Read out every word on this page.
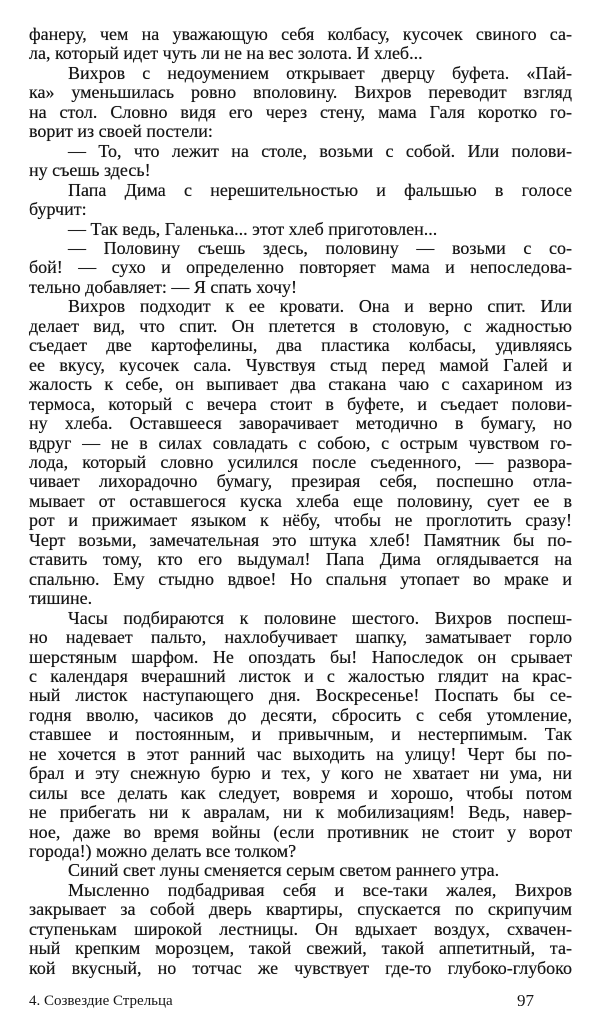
фанеру, чем на уважающую себя колбасу, кусочек свиного са-
ла, который идет чуть ли не на вес золота. И хлеб...
Вихров с недоумением открывает дверцу буфета. «Пай-
ка» уменьшилась ровно вполовину. Вихров переводит взгляд
на стол. Словно видя его через стену, мама Галя коротко го-
ворит из своей постели:
— То, что лежит на столе, возьми с собой. Или полови-
ну съешь здесь!
Папа Дима с нерешительностью и фальшью в голосе
бурчит:
— Так ведь, Галенька... этот хлеб приготовлен...
— Половину съешь здесь, половину — возьми с со-
бой! — сухо и определенно повторяет мама и непоследова-
тельно добавляет: — Я спать хочу!
Вихров подходит к ее кровати. Она и верно спит. Или
делает вид, что спит. Он плетется в столовую, с жадностью
съедает две картофелины, два пластика колбасы, удивляясь
ее вкусу, кусочек сала. Чувствуя стыд перед мамой Галей и
жалость к себе, он выпивает два стакана чаю с сахарином из
термоса, который с вечера стоит в буфете, и съедает полови-
ну хлеба. Оставшееся заворачивает методично в бумагу, но
вдруг — не в силах совладать с собою, с острым чувством го-
лода, который словно усилился после съеденного, — развора-
чивает лихорадочно бумагу, презирая себя, поспешно отла-
мывает от оставшегося куска хлеба еще половину, сует ее в
рот и прижимает языком к нёбу, чтобы не проглотить сразу!
Черт возьми, замечательная это штука хлеб! Памятник бы по-
ставить тому, кто его выдумал! Папа Дима оглядывается на
спальню. Ему стыдно вдвое! Но спальня утопает во мраке и
тишине.
Часы подбираются к половине шестого. Вихров поспеш-
но надевает пальто, нахлобучивает шапку, заматывает горло
шерстяным шарфом. Не опоздать бы! Напоследок он срывает
с календаря вчерашний листок и с жалостью глядит на крас-
ный листок наступающего дня. Воскресенье! Поспать бы се-
годня вволю, часиков до десяти, сбросить с себя утомление,
ставшее и постоянным, и привычным, и нестерпимым. Так
не хочется в этот ранний час выходить на улицу! Черт бы по-
брал и эту снежную бурю и тех, у кого не хватает ни ума, ни
силы все делать как следует, вовремя и хорошо, чтобы потом
не прибегать ни к авралам, ни к мобилизациям! Ведь, навер-
ное, даже во время войны (если противник не стоит у ворот
города!) можно делать все толком?
Синий свет луны сменяется серым светом раннего утра.
Мысленно подбадривая себя и все-таки жалея, Вихров
закрывает за собой дверь квартиры, спускается по скрипучим
ступенькам широкой лестницы. Он вдыхает воздух, схвачен-
ный крепким морозцем, такой свежий, такой аппетитный, та-
кой вкусный, но тотчас же чувствует где-то глубоко-глубоко
4. Созвездие Стрельца	97
